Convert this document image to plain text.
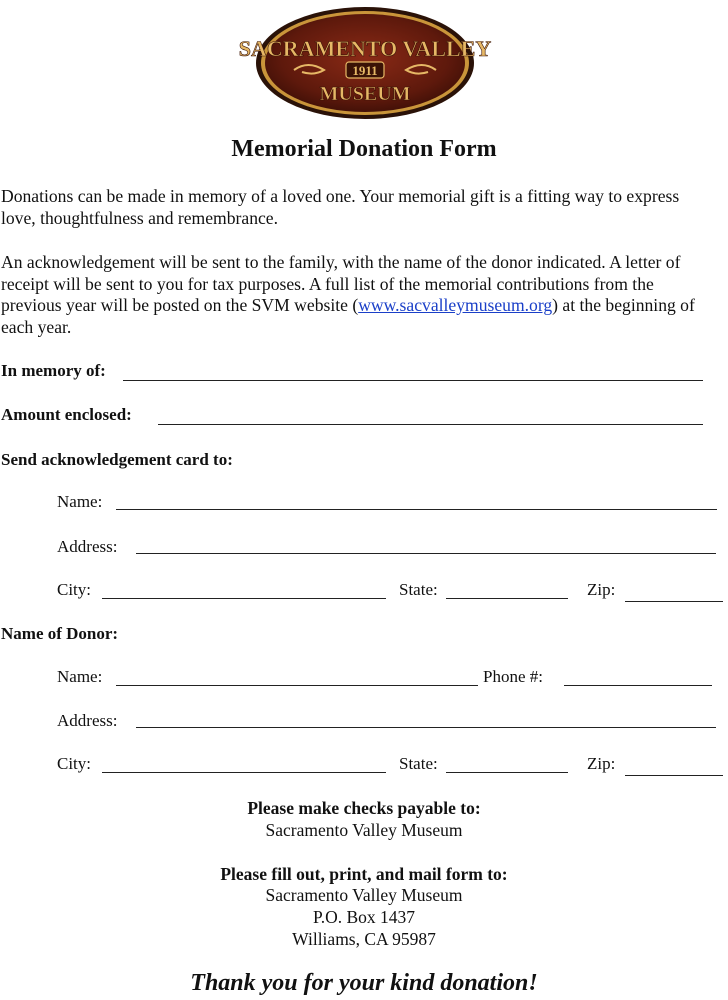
SACRAMENTO VALLEY
1911
MUSEUM
Memorial Donation Form
Donations can be made in memory of a loved one. Your memorial gift is a fitting way to express love, thoughtfulness and remembrance.
An acknowledgement will be sent to the family, with the name of the donor indicated. A letter of receipt will be sent to you for tax purposes. A full list of the memorial contributions from the previous year will be posted on the SVM website (www.sacvalleymuseum.org) at the beginning of each year.
In memory of:
Amount enclosed:
Send acknowledgement card to:
Name:
Address:
City:	State:	Zip:
Name of Donor:
Name:	Phone #:
Address:
City:	State:	Zip:
Please make checks payable to:
Sacramento Valley Museum
Please fill out, print, and mail form to:
Sacramento Valley Museum
P.O. Box 1437
Williams, CA 95987
Thank you for your kind donation!
